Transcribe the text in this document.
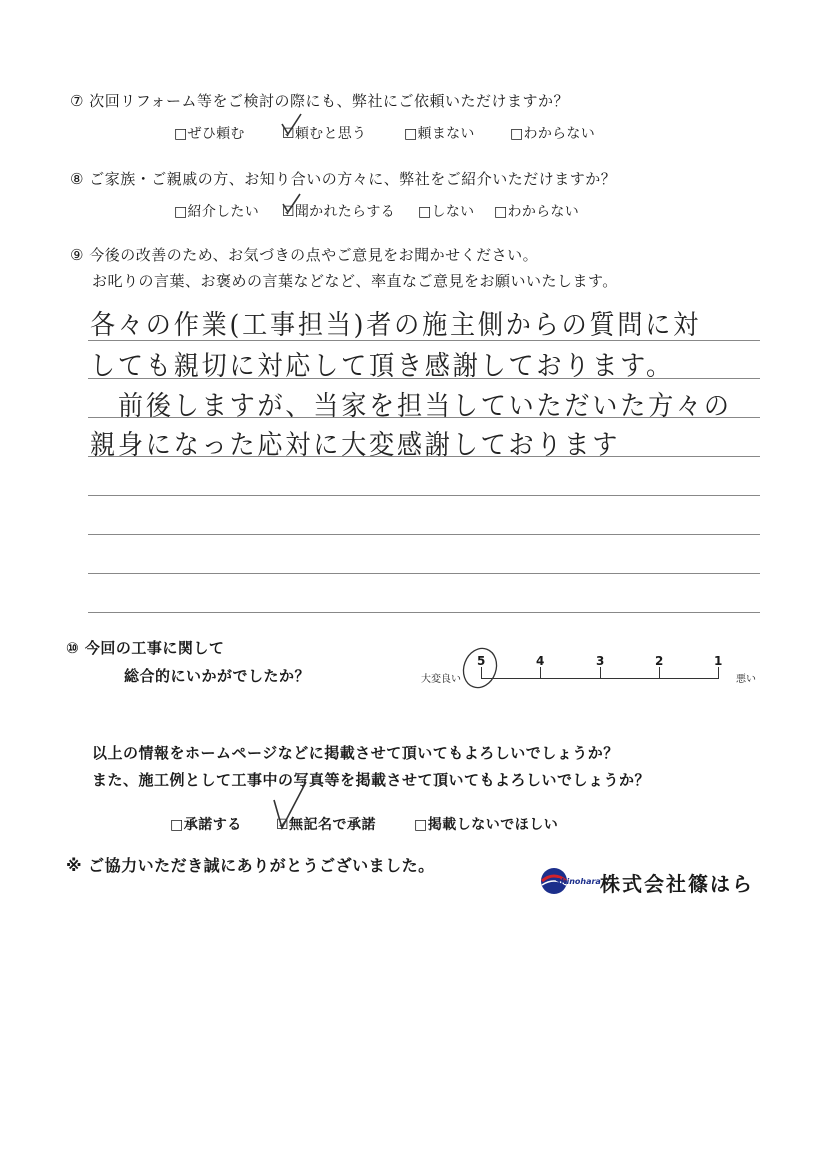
⑦ 次回リフォーム等をご検討の際にも、弊社にご依頼いただけますか？
□ぜひ頼む	☑頼むと思う	□頼まない	□わからない
⑧ ご家族・ご親戚の方、お知り合いの方々に、弊社をご紹介いただけますか？
□紹介したい ☑聞かれたらする □しない □わからない
⑨ 今後の改善のため、お気づきの点やご意見をお聞かせください。
お叱りの言葉、お褒めの言葉などなど、率直なご意見をお願いいたします。
各々の作業(工事担当)者の施主側からの質問に対
しても親切に対応して頂き感謝しております。
前後しますが、当家を担当していただいた方々の
親身になった応対に大変感謝しております
⑩ 今回の工事に関して
総合的にいかがでしたか？	大変良い	悪い
5	4	3	2	1
以上の情報をホームページなどに掲載させて頂いてもよろしいでしょうか？
また、施工例として工事中の写真等を掲載させて頂いてもよろしいでしょうか？
□承諾する ☑無記名で承諾	□掲載しないでほしい
※ ご協力いただき誠にありがとうございました。
Shinohara 株式会社篠はら
